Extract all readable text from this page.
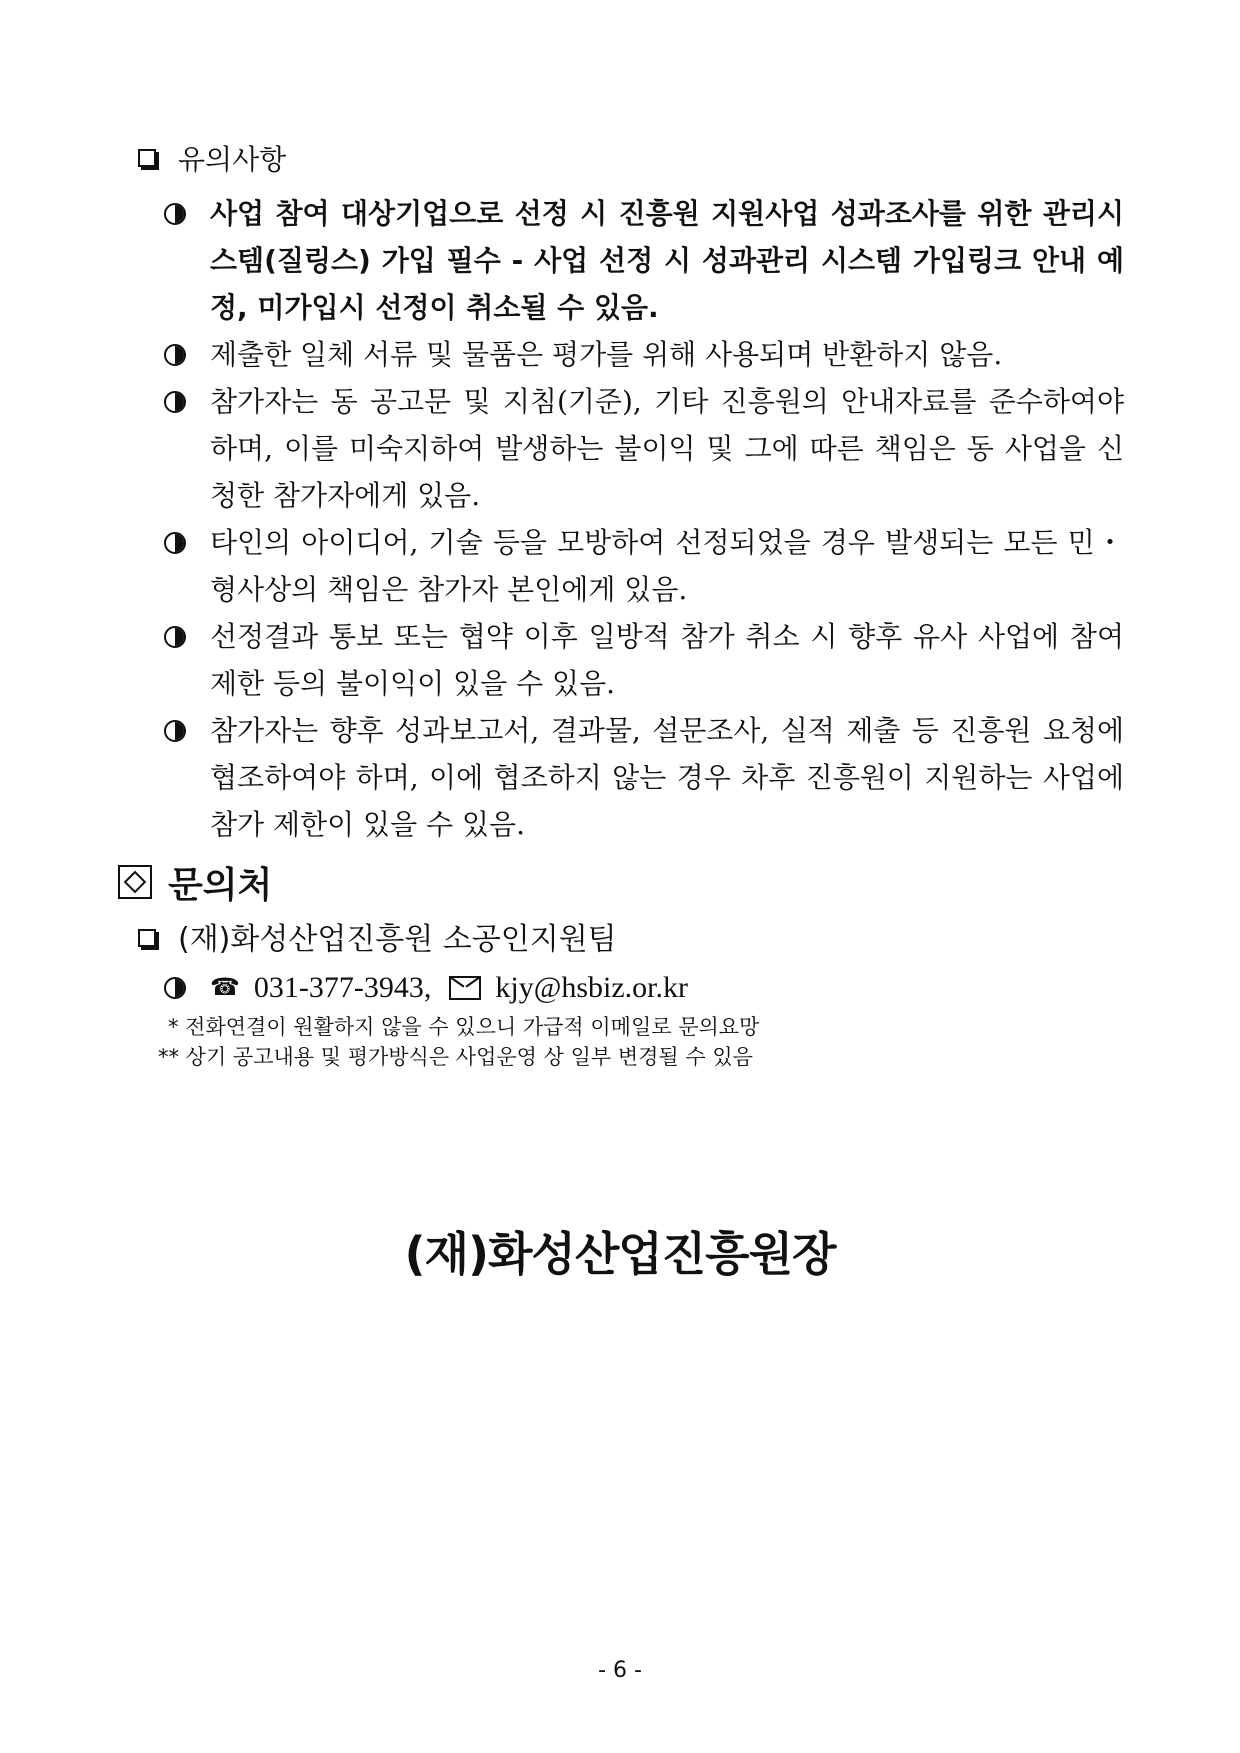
유의사항
사업 참여 대상기업으로 선정 시 진흥원 지원사업 성과조사를 위한 관리시스템(질링스) 가입 필수 - 사업 선정 시 성과관리 시스템 가입링크 안내 예정, 미가입시 선정이 취소될 수 있음.
제출한 일체 서류 및 물품은 평가를 위해 사용되며 반환하지 않음.
참가자는 동 공고문 및 지침(기준), 기타 진흥원의 안내자료를 준수하여야 하며, 이를 미숙지하여 발생하는 불이익 및 그에 따른 책임은 동 사업을 신청한 참가자에게 있음.
타인의 아이디어, 기술 등을 모방하여 선정되었을 경우 발생되는 모든 민・형사상의 책임은 참가자 본인에게 있음.
선정결과 통보 또는 협약 이후 일방적 참가 취소 시 향후 유사 사업에 참여제한 등의 불이익이 있을 수 있음.
참가자는 향후 성과보고서, 결과물, 설문조사, 실적 제출 등 진흥원 요청에 협조하여야 하며, 이에 협조하지 않는 경우 차후 진흥원이 지원하는 사업에 참가 제한이 있을 수 있음.
문의처
(재)화성산업진흥원 소공인지원팀
☎ 031-377-3943, kjy@hsbiz.or.kr
* 전화연결이 원활하지 않을 수 있으니 가급적 이메일로 문의요망
** 상기 공고내용 및 평가방식은 사업운영 상 일부 변경될 수 있음
(재)화성산업진흥원장
- 6 -
